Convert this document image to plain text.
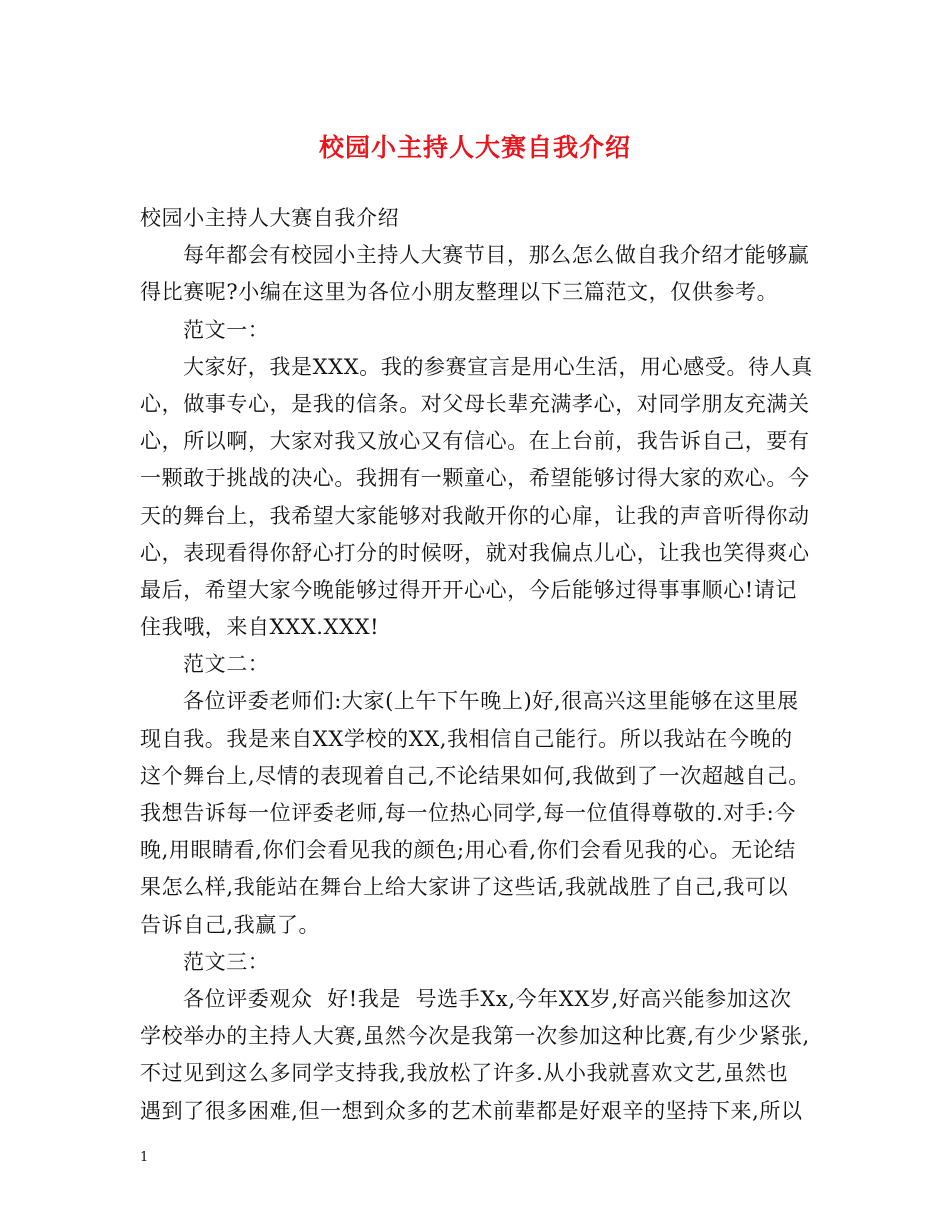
校园小主持人大赛自我介绍
校园小主持人大赛自我介绍
每年都会有校园小主持人大赛节目，那么怎么做自我介绍才能够赢
得比赛呢?小编在这里为各位小朋友整理以下三篇范文，仅供参考。
范文一：
大家好，我是XXX。我的参赛宣言是用心生活，用心感受。待人真
心，做事专心，是我的信条。对父母长辈充满孝心，对同学朋友充满关
心，所以啊，大家对我又放心又有信心。在上台前，我告诉自己，要有
一颗敢于挑战的决心。我拥有一颗童心，希望能够讨得大家的欢心。今
天的舞台上，我希望大家能够对我敞开你的心扉，让我的声音听得你动
心，表现看得你舒心打分的时候呀，就对我偏点儿心，让我也笑得爽心
最后，希望大家今晚能够过得开开心心，今后能够过得事事顺心!请记
住我哦，来自XXX.XXX!
范文二：
各位评委老师们:大家(上午下午晚上)好,很高兴这里能够在这里展
现自我。我是来自XX学校的XX,我相信自己能行。所以我站在今晚的
这个舞台上,尽情的表现着自己,不论结果如何,我做到了一次超越自己。
我想告诉每一位评委老师,每一位热心同学,每一位值得尊敬的.对手:今
晚,用眼睛看,你们会看见我的颜色;用心看,你们会看见我的心。无论结
果怎么样,我能站在舞台上给大家讲了这些话,我就战胜了自己,我可以
告诉自己,我赢了。
范文三：
各位评委观众  好!我是  号选手Xx,今年XX岁,好高兴能参加这次
学校举办的主持人大赛,虽然今次是我第一次参加这种比赛,有少少紧张,
不过见到这么多同学支持我,我放松了许多.从小我就喜欢文艺,虽然也
遇到了很多困难,但一想到众多的艺术前辈都是好艰辛的坚持下来,所以
1
